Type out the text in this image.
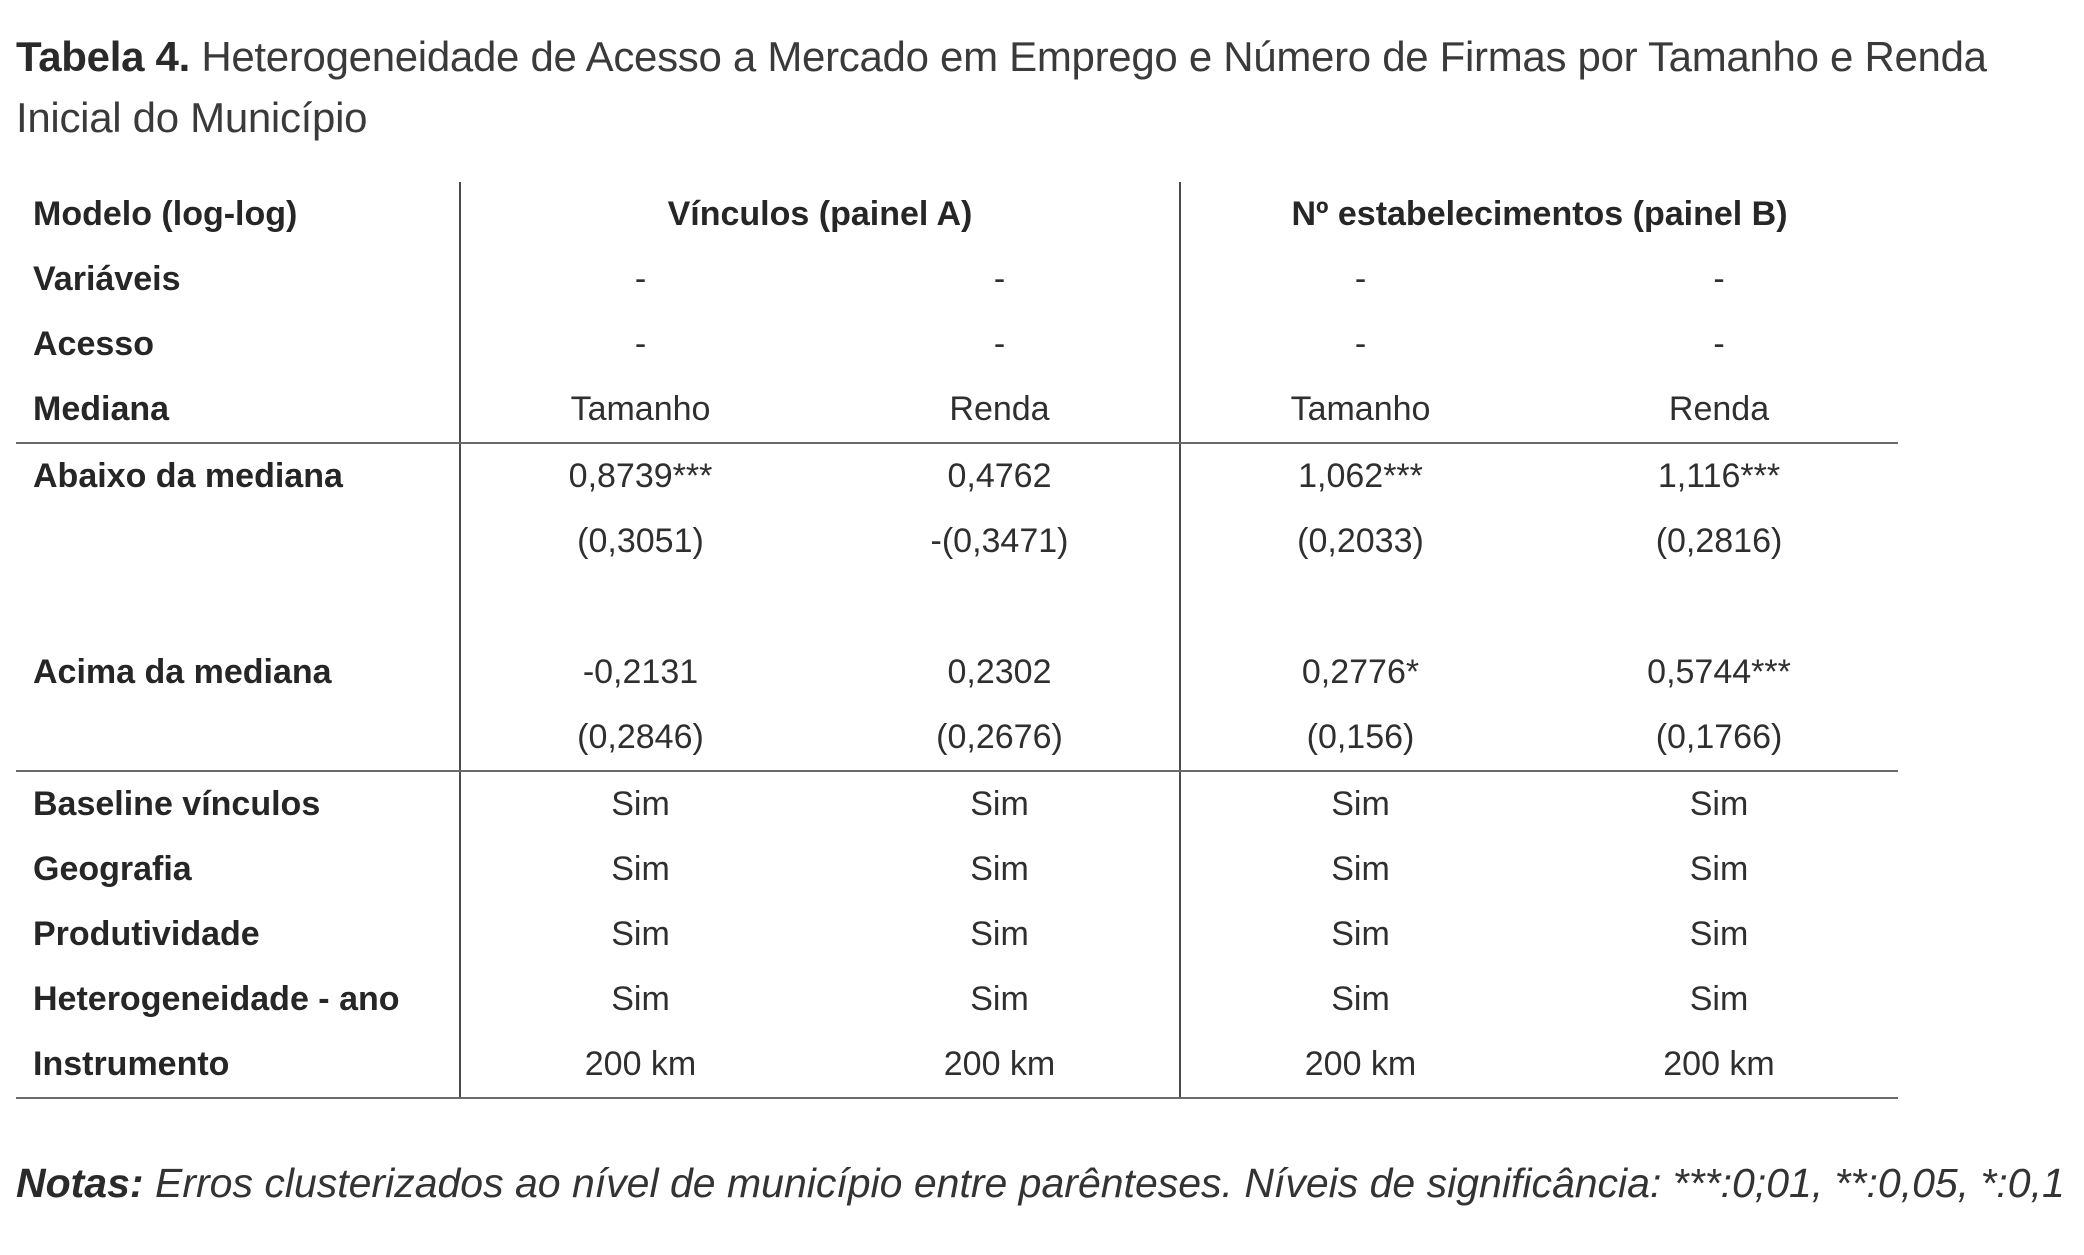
Tabela 4. Heterogeneidade de Acesso a Mercado em Emprego e Número de Firmas por Tamanho e Renda Inicial do Município
Modelo (log-log)	Vínculos (painel A)		Nº estabelecimentos (painel B)	
Variáveis	-	-	-	-
Acesso	-	-	-	-
Mediana	Tamanho	Renda	Tamanho	Renda
Abaixo da mediana	0,8739***	0,4762	1,062***	1,116***
	(0,3051)	-(0,3471)	(0,2033)	(0,2816)

Acima da mediana	-0,2131	0,2302	0,2776*	0,5744***
	(0,2846)	(0,2676)	(0,156)	(0,1766)
Baseline vínculos	Sim	Sim	Sim	Sim
Geografia	Sim	Sim	Sim	Sim
Produtividade	Sim	Sim	Sim	Sim
Heterogeneidade - ano	Sim	Sim	Sim	Sim
Instrumento	200 km	200 km	200 km	200 km
Notas: Erros clusterizados ao nível de município entre parênteses. Níveis de significância: ***:0;01, **:0,05, *:0,1
